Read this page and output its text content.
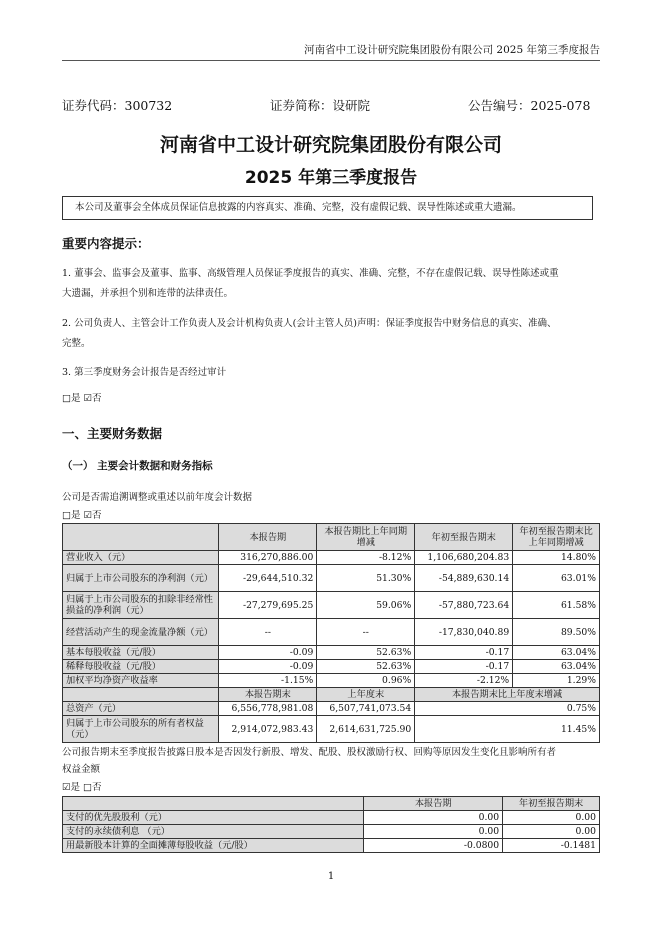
河南省中工设计研究院集团股份有限公司 2025 年第三季度报告
证券代码：300732	证券简称：设研院	公告编号：2025-078
河南省中工设计研究院集团股份有限公司
2025 年第三季度报告
本公司及董事会全体成员保证信息披露的内容真实、准确、完整，没有虚假记载、误导性陈述或重大遗漏。
重要内容提示：
1. 董事会、监事会及董事、监事、高级管理人员保证季度报告的真实、准确、完整，不存在虚假记载、误导性陈述或重
大遗漏，并承担个别和连带的法律责任。
2. 公司负责人、主管会计工作负责人及会计机构负责人(会计主管人员)声明：保证季度报告中财务信息的真实、准确、
完整。
3. 第三季度财务会计报告是否经过审计
□是 ☑否
一、主要财务数据
（一） 主要会计数据和财务指标
公司是否需追溯调整或重述以前年度会计数据
□是 ☑否
	本报告期	本报告期比上年同期增减	年初至报告期末	年初至报告期末比上年同期增减
营业收入（元）	316,270,886.00	-8.12%	1,106,680,204.83	14.80%
归属于上市公司股东的净利润（元）	-29,644,510.32	51.30%	-54,889,630.14	63.01%
归属于上市公司股东的扣除非经常性损益的净利润（元）	-27,279,695.25	59.06%	-57,880,723.64	61.58%
经营活动产生的现金流量净额（元）	--	--	-17,830,040.89	89.50%
基本每股收益（元/股）	-0.09	52.63%	-0.17	63.04%
稀释每股收益（元/股）	-0.09	52.63%	-0.17	63.04%
加权平均净资产收益率	-1.15%	0.96%	-2.12%	1.29%
	本报告期末	上年度末	本报告期末比上年度末增减	
总资产（元）	6,556,778,981.08	6,507,741,073.54	0.75%	
归属于上市公司股东的所有者权益（元）	2,914,072,983.43	2,614,631,725.90	11.45%	
公司报告期末至季度报告披露日股本是否因发行新股、增发、配股、股权激励行权、回购等原因发生变化且影响所有者
权益金额
☑是 □否
	本报告期	年初至报告期末
支付的优先股股利（元）	0.00	0.00
支付的永续债利息 （元）	0.00	0.00
用最新股本计算的全面摊薄每股收益（元/股）	-0.0800	-0.1481
1
